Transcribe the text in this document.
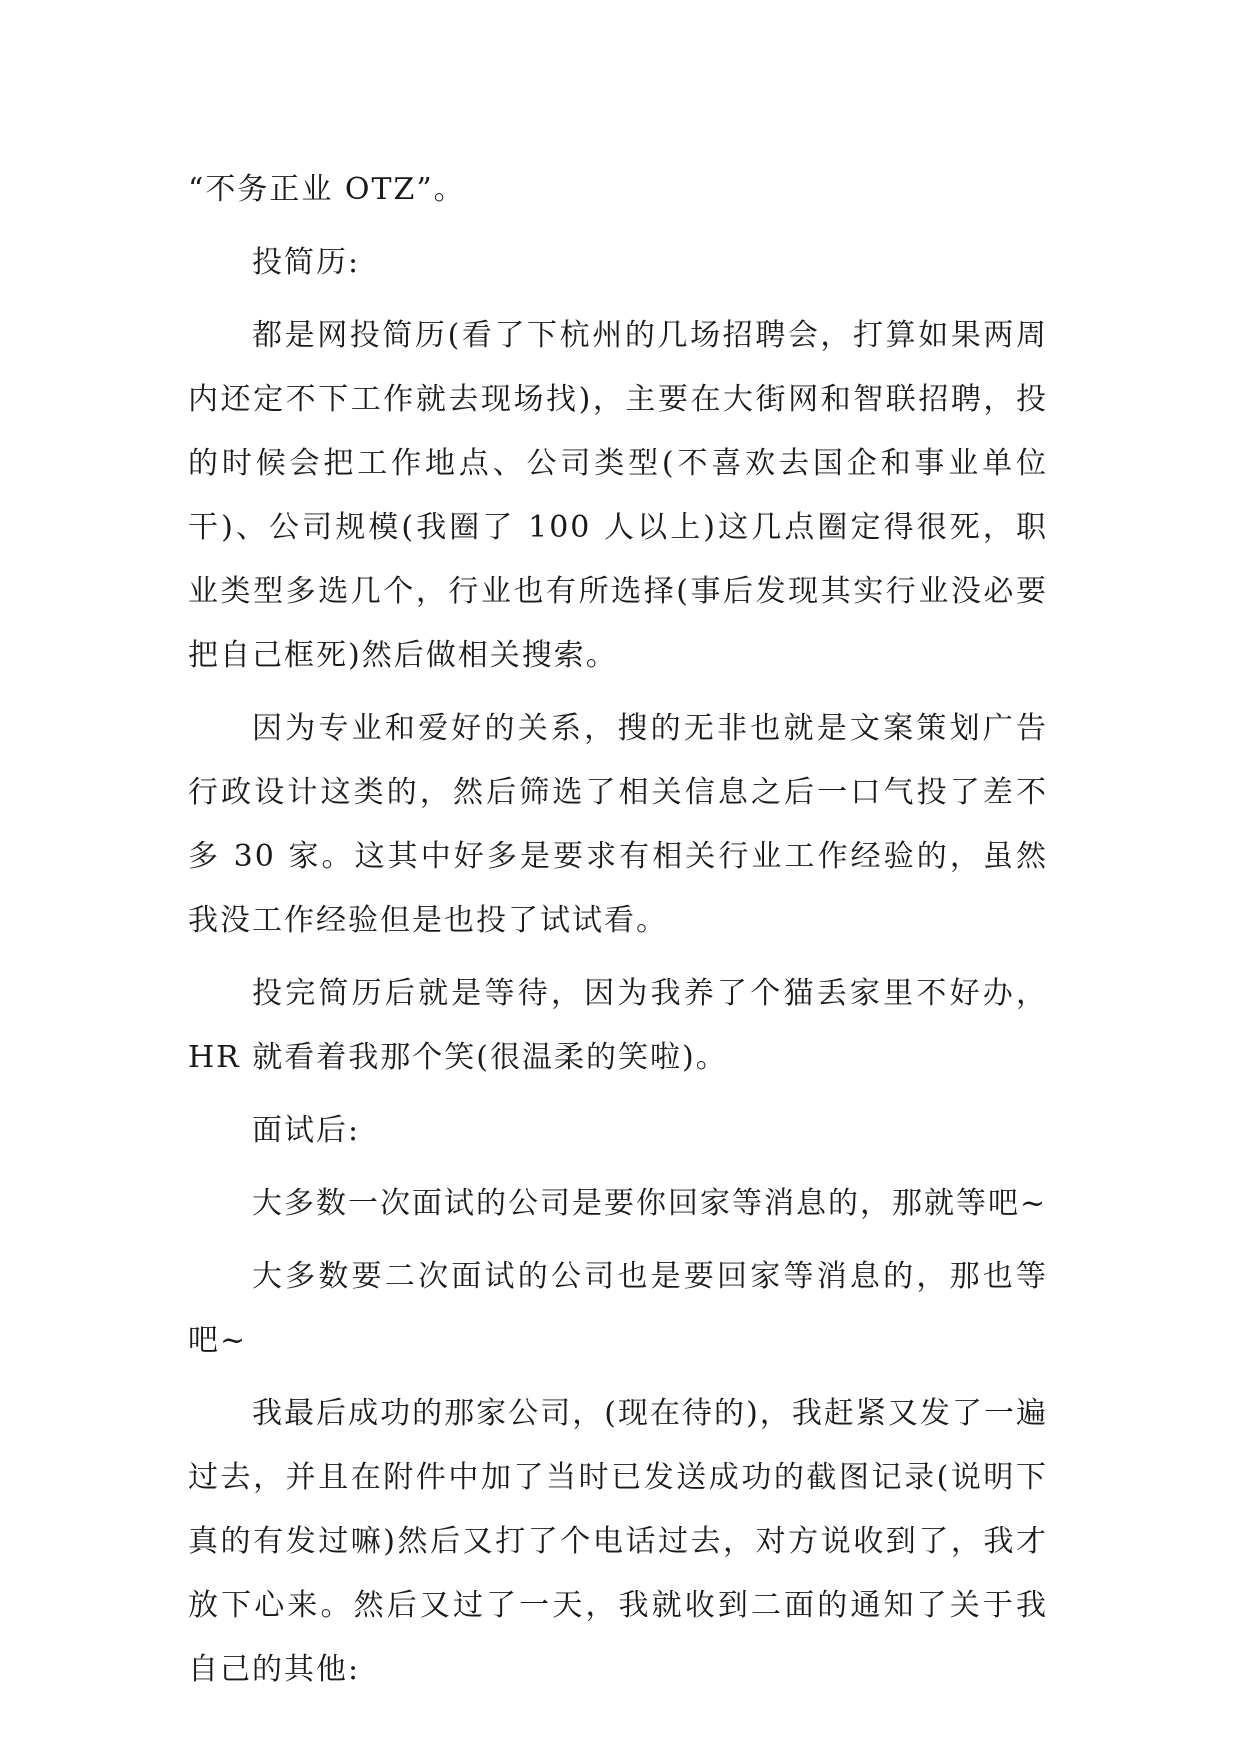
“不务正业 OTZ”。

投简历:

都是网投简历(看了下杭州的几场招聘会，打算如果两周内还定不下工作就去现场找)，主要在大街网和智联招聘，投的时候会把工作地点、公司类型(不喜欢去国企和事业单位干)、公司规模(我圈了 100 人以上)这几点圈定得很死，职业类型多选几个，行业也有所选择(事后发现其实行业没必要把自己框死)然后做相关搜索。

因为专业和爱好的关系，搜的无非也就是文案策划广告行政设计这类的，然后筛选了相关信息之后一口气投了差不多 30 家。这其中好多是要求有相关行业工作经验的，虽然我没工作经验但是也投了试试看。

投完简历后就是等待，因为我养了个猫丢家里不好办，HR 就看着我那个笑(很温柔的笑啦)。

面试后:

大多数一次面试的公司是要你回家等消息的，那就等吧~

大多数要二次面试的公司也是要回家等消息的，那也等吧~

我最后成功的那家公司，(现在待的)，我赶紧又发了一遍过去，并且在附件中加了当时已发送成功的截图记录(说明下真的有发过嘛)然后又打了个电话过去，对方说收到了，我才放下心来。然后又过了一天，我就收到二面的通知了关于我自己的其他:
